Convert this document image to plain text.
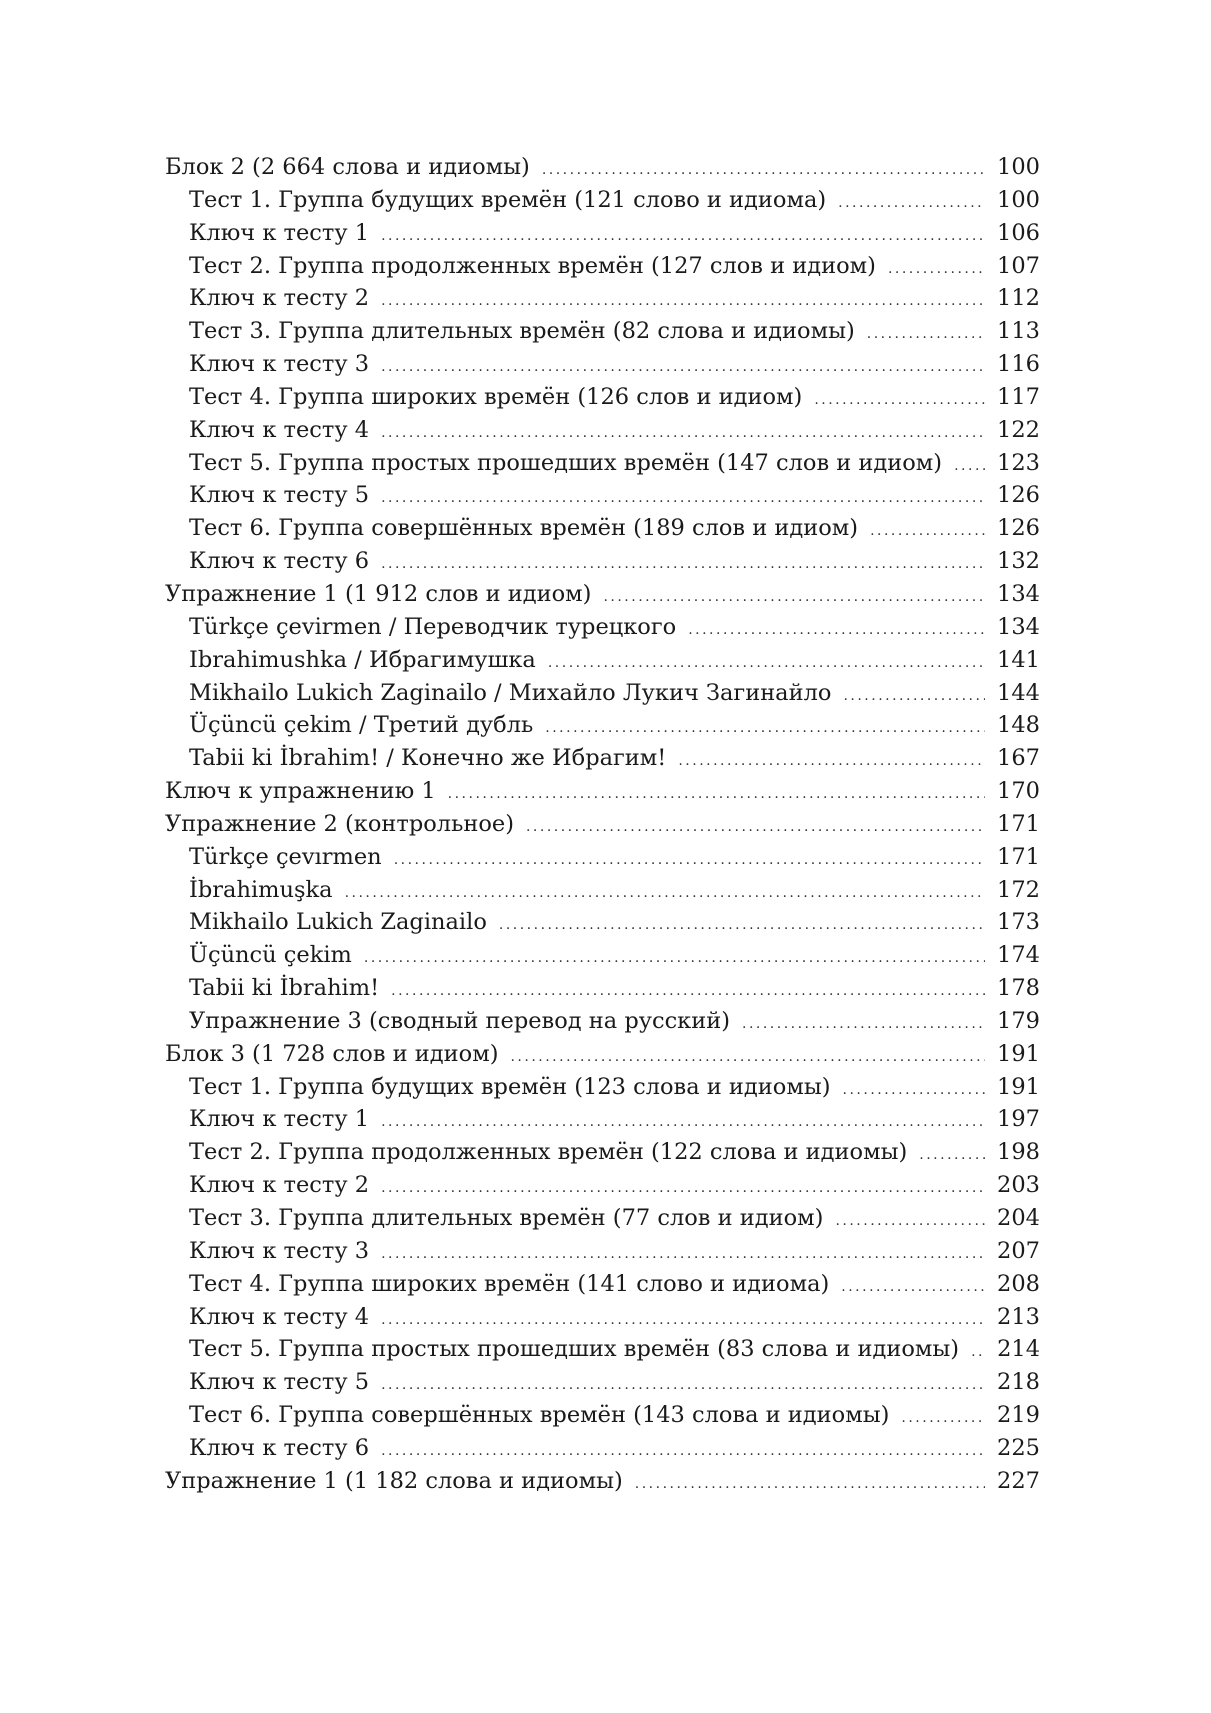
Блок 2 (2 664 слова и идиомы) .....	100
Тест 1. Группа будущих времён (121 слово и идиома) .....	100
Ключ к тесту 1 .....	106
Тест 2. Группа продолженных времён (127 слов и идиом) .....	107
Ключ к тесту 2 .....	112
Тест 3. Группа длительных времён (82 слова и идиомы) .....	113
Ключ к тесту 3 .....	116
Тест 4. Группа широких времён (126 слов и идиом) .....	117
Ключ к тесту 4 .....	122
Тест 5. Группа простых прошедших времён (147 слов и идиом) ..... 123
Ключ к тесту 5 .....	126
Тест 6. Группа совершённых времён (189 слов и идиом) .....	126
Ключ к тесту 6 .....	132
Упражнение 1 (1 912 слов и идиом) .....	134
Türkçe çevirmen / Переводчик турецкого .....	134
Ibrahimushka / Ибрагимушка .....	141
Mikhailo Lukich Zaginailo / Михайло Лукич Загинайло .....	144
Üçüncü çekim / Третий дубль .....	148
Tabii ki İbrahim! / Конечно же Ибрагим! .....	167
Ключ к упражнению 1 .....	170
Упражнение 2 (контрольное) .....	171
Türkçe çevırmen .....	171
İbrahimuşka .....	172
Mikhailo Lukich Zaginailo .....	173
Üçüncü çekim .....	174
Tabii ki İbrahim! .....	178
Упражнение 3 (сводный перевод на русский) .....	179
Блок 3 (1 728 слов и идиом) .....	191
Тест 1. Группа будущих времён (123 слова и идиомы) .....	191
Ключ к тесту 1 .....	197
Тест 2. Группа продолженных времён (122 слова и идиомы) .....	198
Ключ к тесту 2 .....	203
Тест 3. Группа длительных времён (77 слов и идиом) .....	204
Ключ к тесту 3 .....	207
Тест 4. Группа широких времён (141 слово и идиома) .....	208
Ключ к тесту 4 .....	213
Тест 5. Группа простых прошедших времён (83 слова и идиомы) ..... 214
Ключ к тесту 5 .....	218
Тест 6. Группа совершённых времён (143 слова и идиомы) .....	219
Ключ к тесту 6 .....	225
Упражнение 1 (1 182 слова и идиомы) .....	227
